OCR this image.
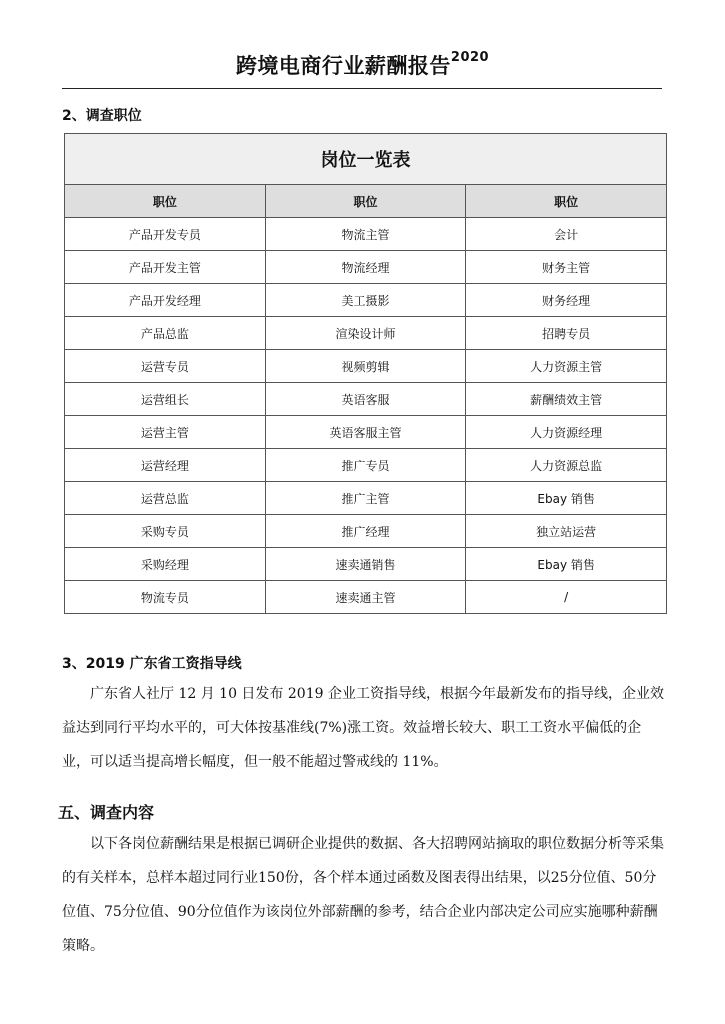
跨境电商行业薪酬报告$^{2020}$
2、调查职位
岗位一览表		
职位	职位	职位
产品开发专员	物流主管	会计
产品开发主管	物流经理	财务主管
产品开发经理	美工摄影	财务经理
产品总监	渲染设计师	招聘专员
运营专员	视频剪辑	人力资源主管
运营组长	英语客服	薪酬绩效主管
运营主管	英语客服主管	人力资源经理
运营经理	推广专员	人力资源总监
运营总监	推广主管	Ebay 销售
采购专员	推广经理	独立站运营
采购经理	速卖通销售	Ebay 销售
物流专员	速卖通主管	/
3、2019 广东省工资指导线

广东省人社厅 12 月 10 日发布 2019 企业工资指导线，根据今年最新发布的指导线，企业效益达到同行平均水平的，可大体按基准线(7%)涨工资。效益增长较大、职工工资水平偏低的企业，可以适当提高增长幅度，但一般不能超过警戒线的 11%。

五、调查内容

以下各岗位薪酬结果是根据已调研企业提供的数据、各大招聘网站摘取的职位数据分析等采集的有关样本，总样本超过同行业150份，各个样本通过函数及图表得出结果，以25分位值、50分位值、75分位值、90分位值作为该岗位外部薪酬的参考，结合企业内部决定公司应实施哪种薪酬策略。
